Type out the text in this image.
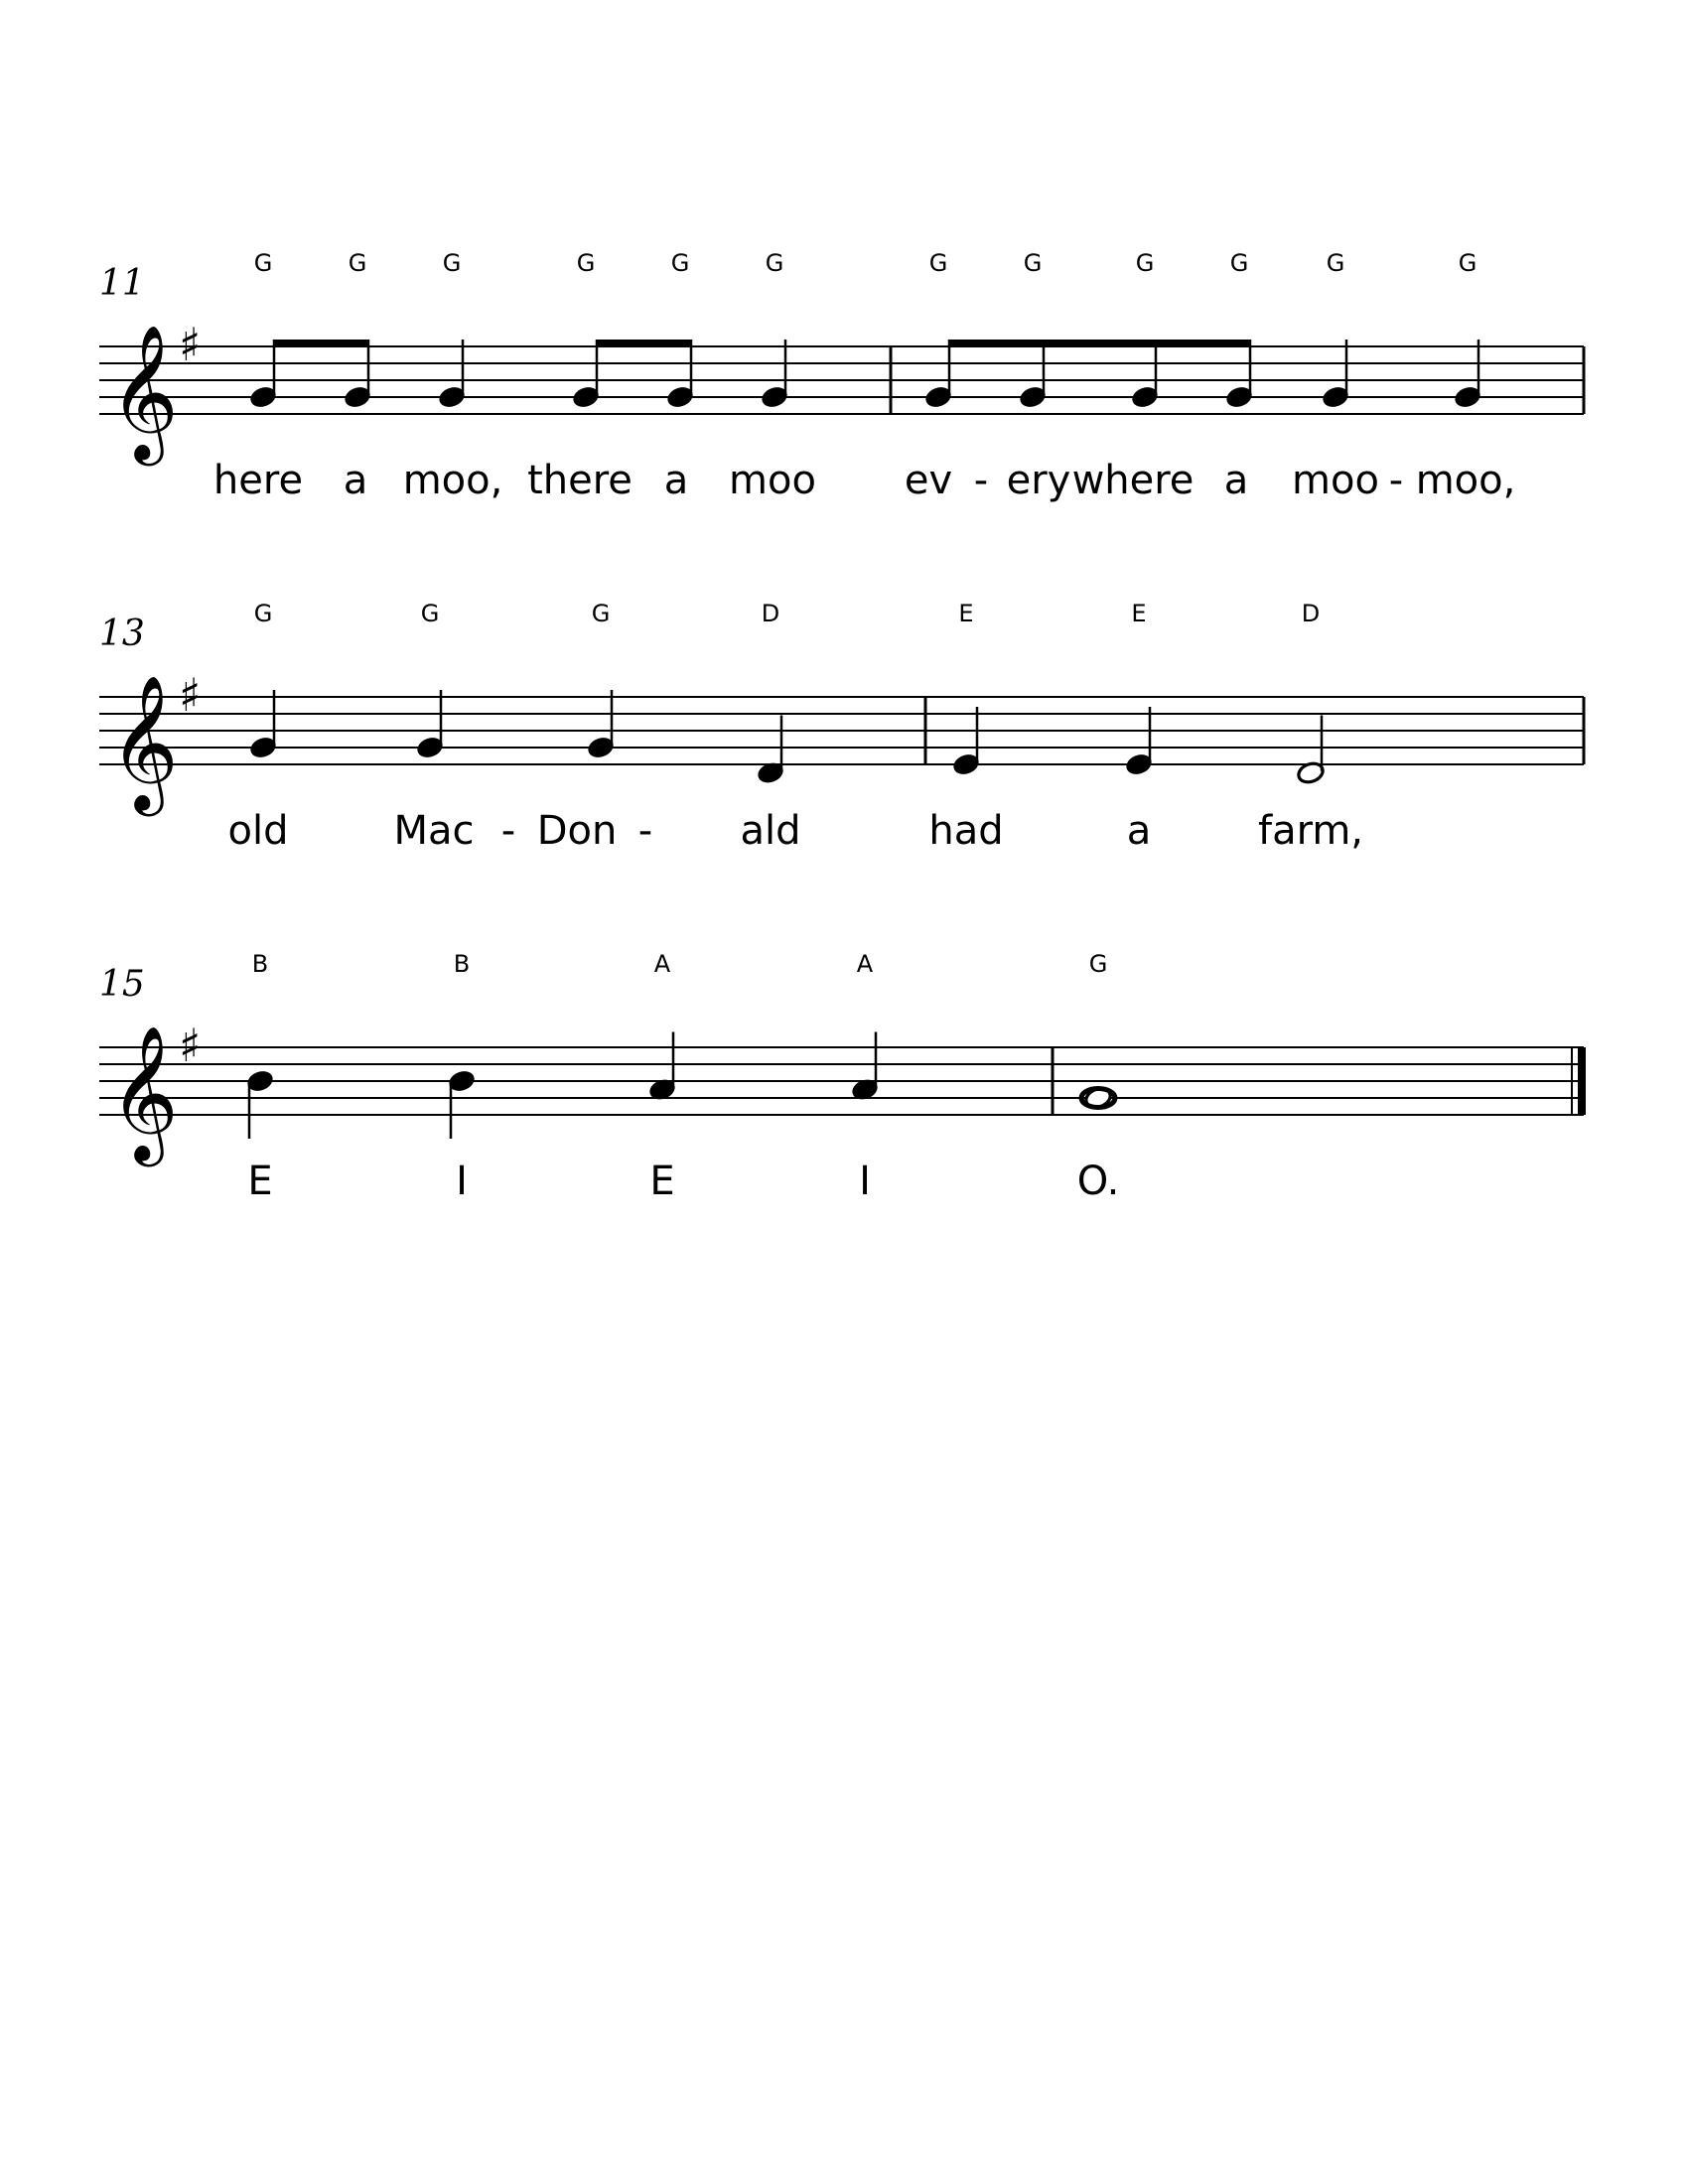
11
𝄞 ♯
G	G	G	G	G	G	G	G	G	G	G	G
here a moo, there a moo ev - ery where a moo - moo,
13
𝄞 ♯
G	G	G	D	E	E	D
old	Mac - Don - ald	had	a	farm,
15
𝄞 ♯
B	B	A	A	G
E	I	E	I	O.
